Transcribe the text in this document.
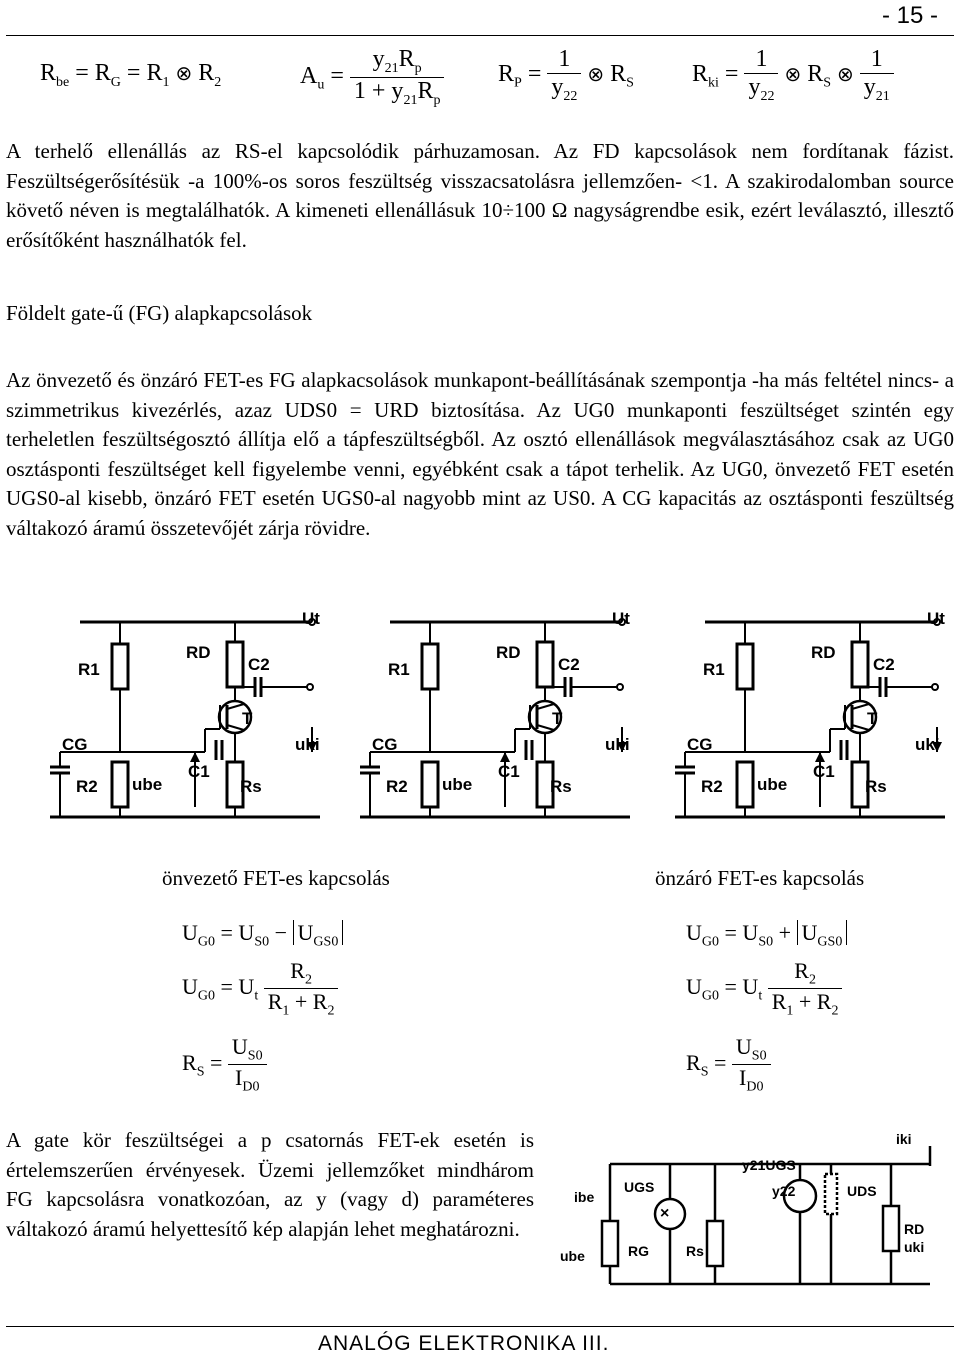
- 15 -
$R_{be} = R_G = R_1$ ⊗ $R_2$	$A_u = \frac{y_{21}R_p}{1 + y_{21}R_p} R_P = \frac{1}{y_{22}}$ ⊗ $R_S$ $R_{ki} = \frac{1}{y_{22}}$ ⊗ $R_S$ ⊗ $\frac{1}{y_{21}}$
A terhelő ellenállás az RS-el kapcsolódik párhuzamosan. Az FD kapcsolások nem fordítanak fázist. Feszültségerősítésük -a 100%-os soros feszültség visszacsatolásra jellemzően- <1. A szakirodalomban source követő néven is megtalálhatók. A kimeneti ellenállásuk 10÷100 Ω nagyságrendbe esik, ezért leválasztó, illesztő erősítőként használhatók fel.
Földelt gate-ű (FG) alapkapcsolások
Az önvezető és önzáró FET-es FG alapkacsolások munkapont-beállításának szempontja -ha más feltétel nincs- a szimmetrikus kivezérlés, azaz UDS0 = URD biztosítása. Az UG0 munkaponti feszültséget szintén egy terheletlen feszültségosztó állítja elő a tápfeszültségből. Az osztó ellenállások megválasztásához csak az UG0 osztásponti feszültséget kell figyelembe venni, egyébként csak a tápot terhelik. Az UG0, önvezető FET esetén UGS0-al kisebb, önzáró FET esetén UGS0-al nagyobb mint az US0. A CG kapacitás az osztásponti feszültség váltakozó áramú összetevőjét zárja rövidre.
Ut
R1
RD
C2
T
CG	uki
R2 ube
C1
Rs
Ut
R1
RD
C2
T
CG	uki
R2 ube
C1
Rs
Ut
R1
RD
C2
T
CG	uki
R2 ube
C1
Rs
önvezető FET-es kapcsolás	önzáró FET-es kapcsolás
$U_{G0} = U_{S0} - U_{GS0}$
$U_{G0} = U_t \frac{R_2}{R_1 + R_2}$
$R_S = \frac{U_{S0}}{I_{D0}}$
$U_{G0} = U_{S0} + U_{GS0}$
$U_{G0} = U_t \frac{R_2}{R_1 + R_2}$
$R_S = \frac{U_{S0}}{I_{D0}}$
A gate kör feszültségei a p csatornás FET-ek esetén is értelemszerűen érvényesek. Üzemi jellemzőket mindhárom FG kapcsolásra vonatkozóan, az y (vagy d) paraméteres váltakozó áramú helyettesítő kép alapján lehet meghatározni.
×
iki
ibe
UGS
y21UGS
y22	UDS
RD
uki
ube	RG	Rs
ANALÓG ELEKTRONIKA III.
